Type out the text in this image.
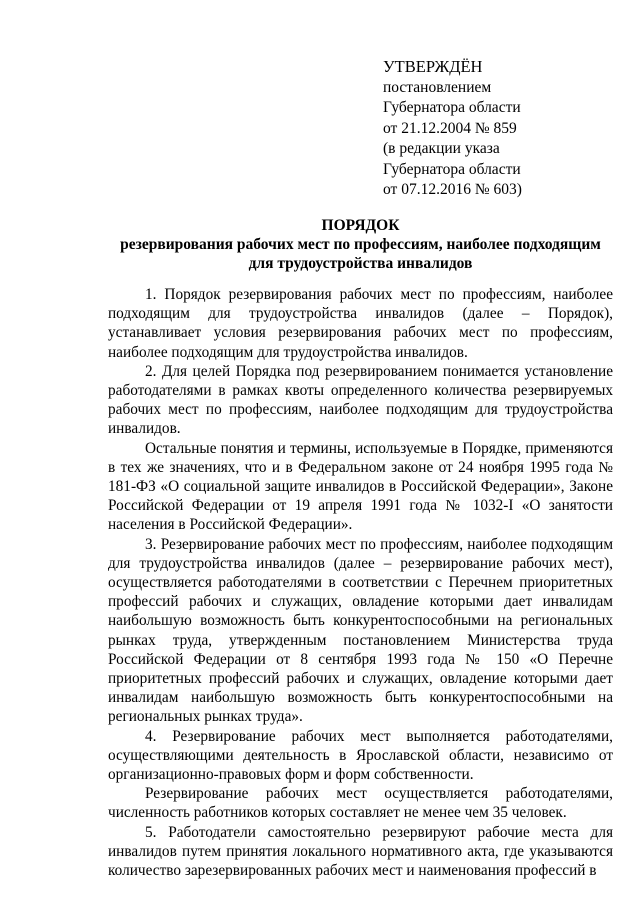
УТВЕРЖДЁН
постановлением
Губернатора области
от 21.12.2004 № 859
(в редакции указа
Губернатора области
от 07.12.2016 № 603)
ПОРЯДОК
резервирования рабочих мест по профессиям, наиболее подходящим
для трудоустройства инвалидов

1. Порядок резервирования рабочих мест по профессиям, наиболее подходящим для трудоустройства инвалидов (далее – Порядок), устанавливает условия резервирования рабочих мест по профессиям, наиболее подходящим для трудоустройства инвалидов.

2. Для целей Порядка под резервированием понимается установление работодателями в рамках квоты определенного количества резервируемых рабочих мест по профессиям, наиболее подходящим для трудоустройства инвалидов.

Остальные понятия и термины, используемые в Порядке, применяются в тех же значениях, что и в Федеральном законе от 24 ноября 1995 года № 181-ФЗ «О социальной защите инвалидов в Российской Федерации», Законе Российской Федерации от 19 апреля 1991 года № 1032-I «О занятости населения в Российской Федерации».

3. Резервирование рабочих мест по профессиям, наиболее подходящим для трудоустройства инвалидов (далее – резервирование рабочих мест), осуществляется работодателями в соответствии с Перечнем приоритетных профессий рабочих и служащих, овладение которыми дает инвалидам наибольшую возможность быть конкурентоспособными на региональных рынках труда, утвержденным постановлением Министерства труда Российской Федерации от 8 сентября 1993 года № 150 «О Перечне приоритетных профессий рабочих и служащих, овладение которыми дает инвалидам наибольшую возможность быть конкурентоспособными на региональных рынках труда».

4. Резервирование рабочих мест выполняется работодателями, осуществляющими деятельность в Ярославской области, независимо от организационно-правовых форм и форм собственности.

Резервирование рабочих мест осуществляется работодателями, численность работников которых составляет не менее чем 35 человек.

5. Работодатели самостоятельно резервируют рабочие места для инвалидов путем принятия локального нормативного акта, где указываются количество зарезервированных рабочих мест и наименования профессий в
